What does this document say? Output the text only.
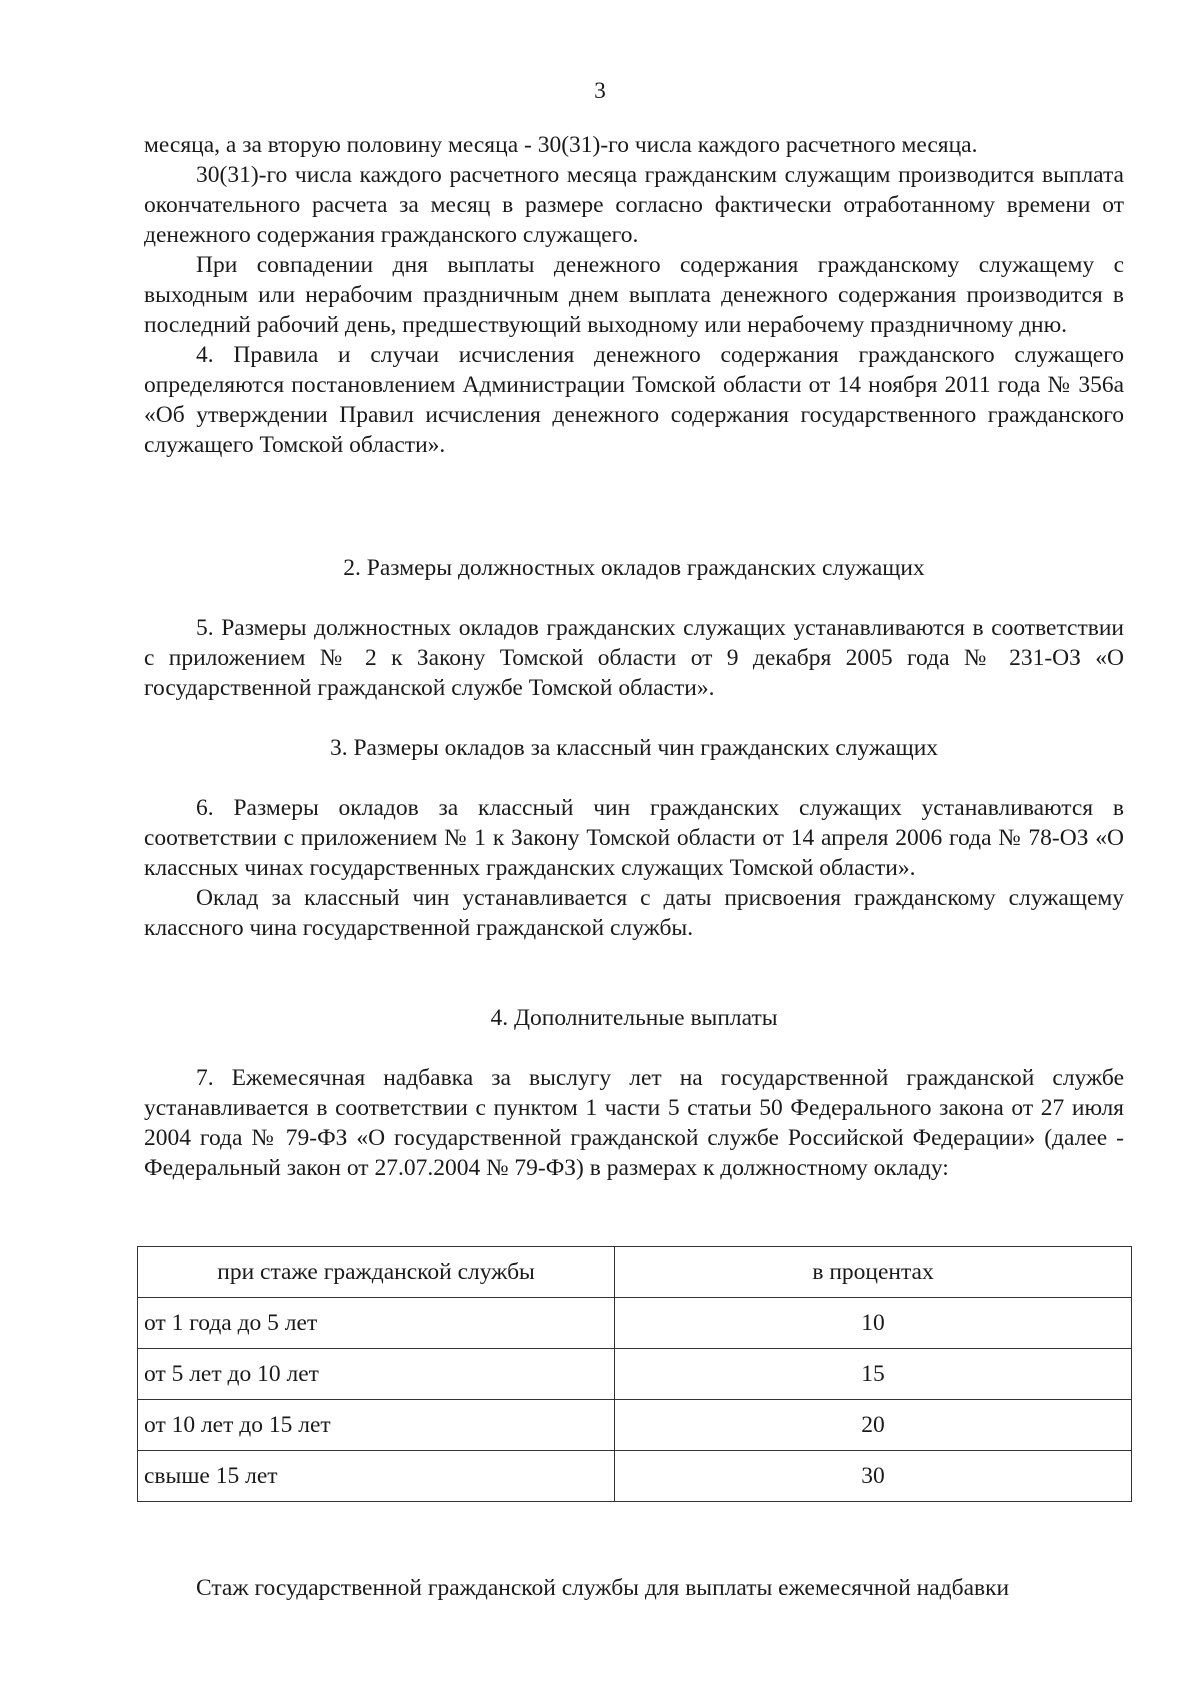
3

месяца, а за вторую половину месяца - 30(31)-го числа каждого расчетного месяца.

30(31)-го числа каждого расчетного месяца гражданским служащим производится выплата окончательного расчета за месяц в размере согласно фактически отработанному времени от денежного содержания гражданского служащего.

При совпадении дня выплаты денежного содержания гражданскому служащему с выходным или нерабочим праздничным днем выплата денежного содержания производится в последний рабочий день, предшествующий выходному или нерабочему праздничному дню.

4. Правила и случаи исчисления денежного содержания гражданского служащего определяются постановлением Администрации Томской области от 14 ноября 2011 года № 356а «Об утверждении Правил исчисления денежного содержания государственного гражданского служащего Томской области».

2. Размеры должностных окладов гражданских служащих

5. Размеры должностных окладов гражданских служащих устанавливаются в соответствии с приложением № 2 к Закону Томской области от 9 декабря 2005 года № 231-ОЗ «О государственной гражданской службе Томской области».

3. Размеры окладов за классный чин гражданских служащих

6. Размеры окладов за классный чин гражданских служащих устанавливаются в соответствии с приложением № 1 к Закону Томской области от 14 апреля 2006 года № 78-ОЗ «О классных чинах государственных гражданских служащих Томской области».

Оклад за классный чин устанавливается с даты присвоения гражданскому служащему классного чина государственной гражданской службы.

4. Дополнительные выплаты

7. Ежемесячная надбавка за выслугу лет на государственной гражданской службе устанавливается в соответствии с пунктом 1 части 5 статьи 50 Федерального закона от 27 июля 2004 года № 79-ФЗ «О государственной гражданской службе Российской Федерации» (далее - Федеральный закон от 27.07.2004 № 79-ФЗ) в размерах к должностному окладу:

при стаже гражданской службы	в процентах
от 1 года до 5 лет	10
от 5 лет до 10 лет	15
от 10 лет до 15 лет	20
свыше 15 лет	30

Стаж государственной гражданской службы для выплаты ежемесячной надбавки
